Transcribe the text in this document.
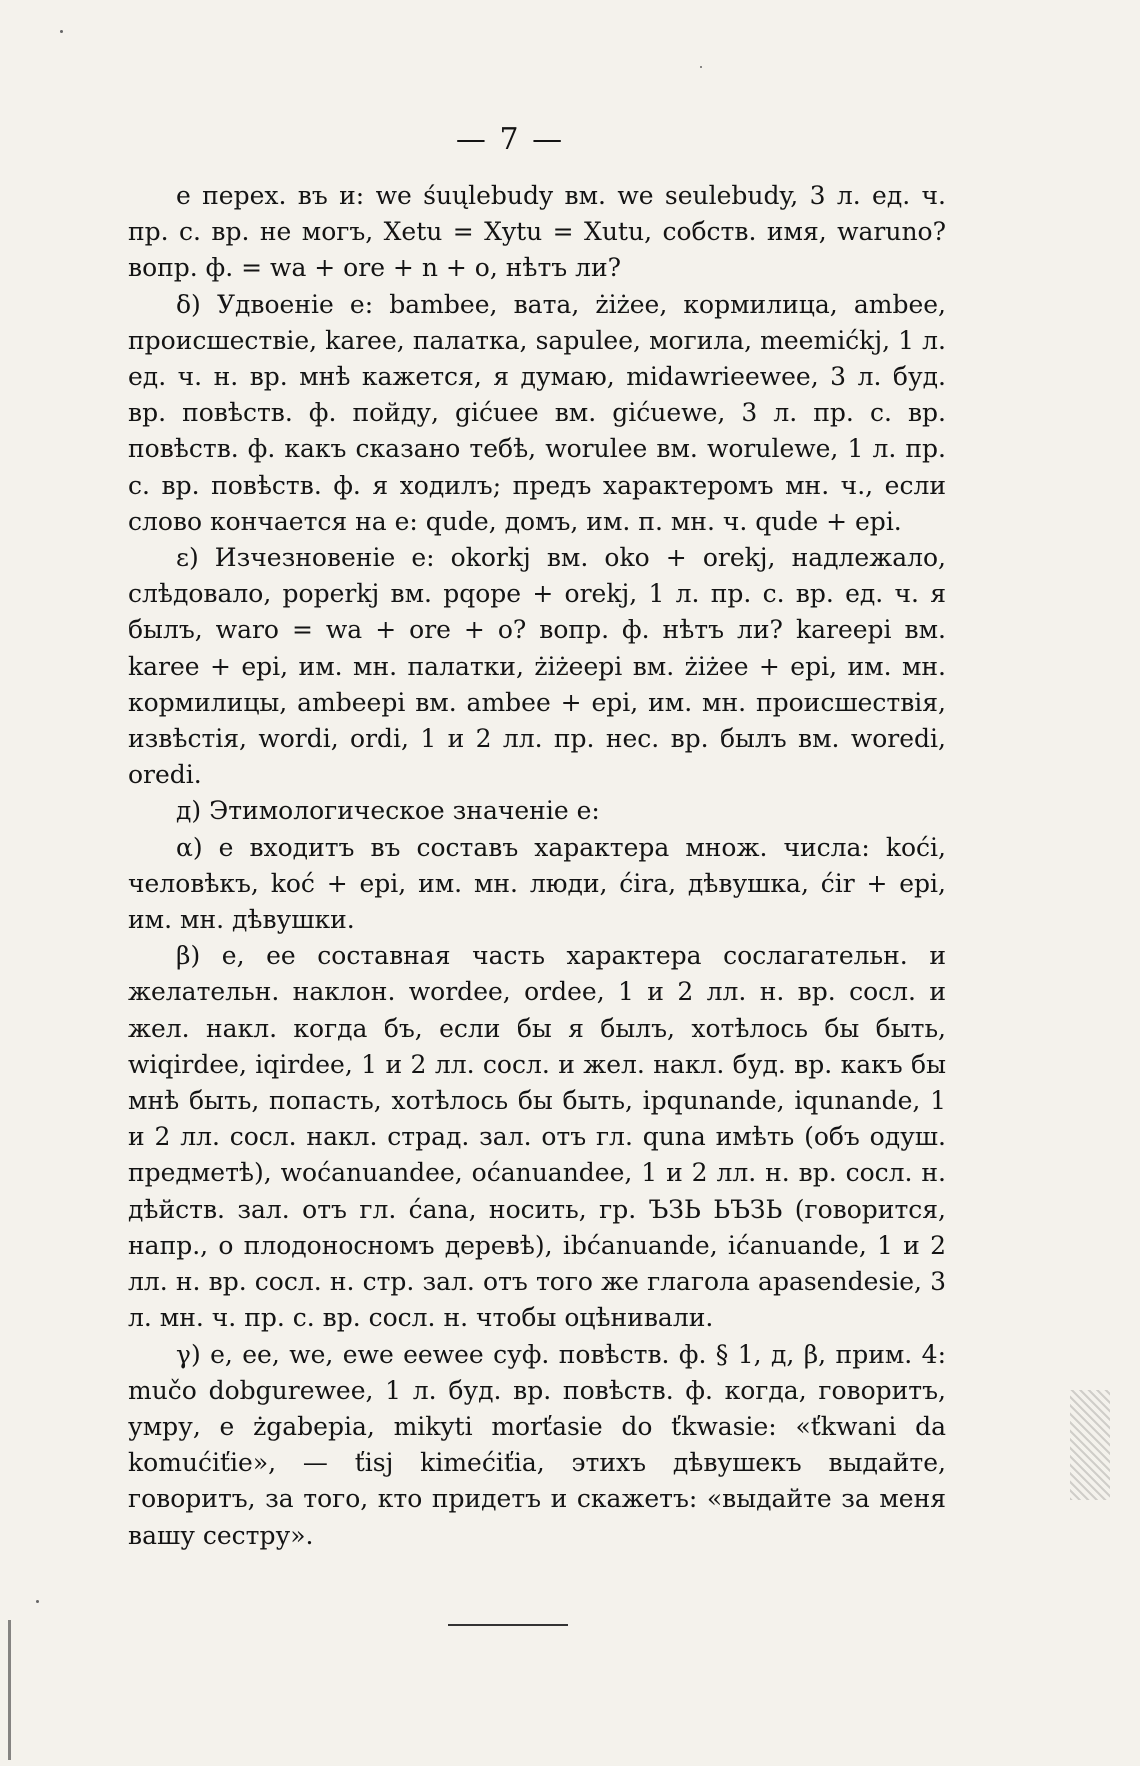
— 7 —

е перех. въ и: we śuųlebudy вм. we seulebudy, 3 л. ед. ч. пр. с. вр. не могъ, Xetu = Xytu = Xutu, собств. имя, waruno? вопр. ф. = wa + ore + n + o, нѣтъ ли?

δ) Удвоеніе е: bambee, вата, żiżee, кормилица, ambee, происшествіе, karee, палатка, sapulee, могила, meemićkj, 1 л. ед. ч. н. вр. мнѣ кажется, я думаю, midawrieewee, 3 л. буд. вр. повѣств. ф. пойду, gićuee вм. gićuewe, 3 л. пр. с. вр. повѣств. ф. какъ сказано тебѣ, worulee вм. worulewe, 1 л. пр. с. вр. повѣств. ф. я ходилъ; предъ характеромъ мн. ч., если слово кончается на е: qude, домъ, им. п. мн. ч. qude + epi.

ε) Изчезновеніе е: okorkj вм. oko + orekj, надлежало, слѣдовало, poperkj вм. pqope + orekj, 1 л. пр. с. вр. ед. ч. я былъ, waro = wa + ore + o? вопр. ф. нѣтъ ли? kareepi вм. karee + epi, им. мн. палатки, żiżeepi вм. żiżee + epi, им. мн. кормилицы, ambeepi вм. ambee + epi, им. мн. происшествія, извѣстія, wordi, ordi, 1 и 2 лл. пр. нес. вр. былъ вм. woredi, oredi.

д) Этимологическое значеніе е:

α) е входитъ въ составъ характера множ. числа: koći, человѣкъ, koć + epi, им. мн. люди, ćira, дѣвушка, ćir + epi, им. мн. дѣвушки.

β) е, ее составная часть характера сослагательн. и желательн. наклон. wordee, ordee, 1 и 2 лл. н. вр. сосл. и жел. накл. когда бъ, если бы я былъ, хотѣлось бы быть, wiqirdee, iqirdee, 1 и 2 лл. сосл. и жел. накл. буд. вр. какъ бы мнѣ быть, попасть, хотѣлось бы быть, ipqunande, iqunande, 1 и 2 лл. сосл. накл. страд. зал. отъ гл. quna имѣть (объ одуш. предметѣ), woćanuandee, oćanuandee, 1 и 2 лл. н. вр. сосл. н. дѣйств. зал. отъ гл. ćana, носить, гр. ЪЗЬ ЬЪЗЬ (говорится, напр., о плодоносномъ деревѣ), ibćanuande, ićanuande, 1 и 2 лл. н. вр. сосл. н. стр. зал. отъ того же глагола apasendesie, 3 л. мн. ч. пр. с. вр. сосл. н. чтобы оцѣнивали.

γ) е, ее, we, ewe eewee суф. повѣств. ф. § 1, д, β, прим. 4: mučo dobgurewee, 1 л. буд. вр. повѣств. ф. когда, говоритъ, умру, e żgabepia, mikyti morťasie do ťkwasie: «ťkwani da komućiťie», — ťisj kimećiťia, этихъ дѣвушекъ выдайте, говоритъ, за того, кто придетъ и скажетъ: «выдайте за меня вашу сестру».
